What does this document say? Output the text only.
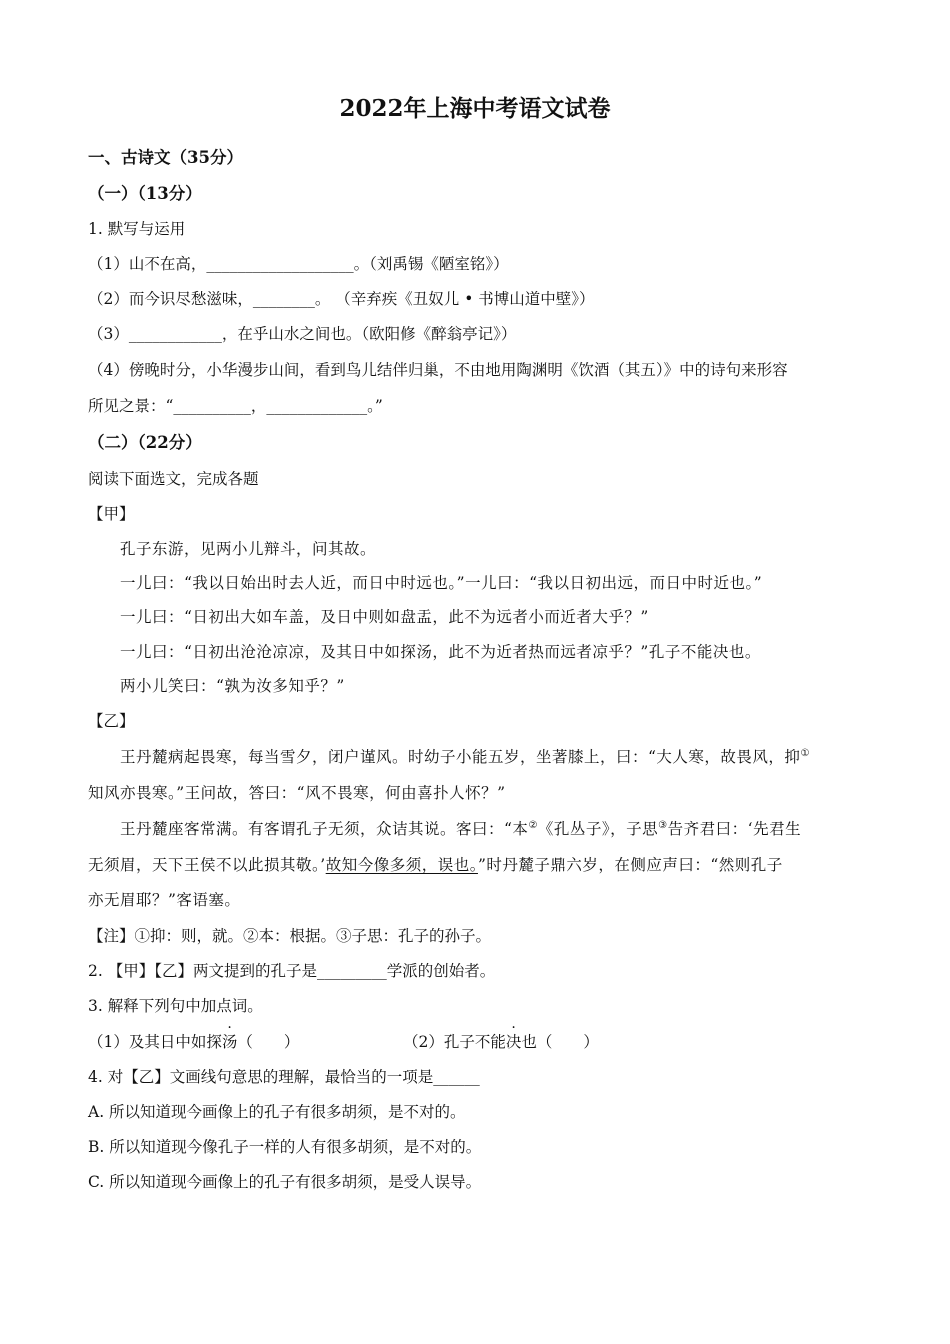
2022年上海中考语文试卷
一、古诗文（35分）
（一）（13分）
1. 默写与运用
（1）山不在高，___________________。（刘禹锡《陋室铭》）
（2）而今识尽愁滋味，________。 （辛弃疾《丑奴儿 • 书博山道中壁》）
（3）____________，在乎山水之间也。（欧阳修《醉翁亭记》）
（4）傍晚时分，小华漫步山间，看到鸟儿结伴归巢，不由地用陶渊明《饮酒（其五）》中的诗句来形容
所见之景：“__________，_____________。”
（二）（22分）
阅读下面选文，完成各题
【甲】
孔子东游，见两小儿辩斗，问其故。
一儿曰：“我以日始出时去人近，而日中时远也。”一儿曰：“我以日初出远，而日中时近也。”
一儿曰：“日初出大如车盖，及日中则如盘盂，此不为远者小而近者大乎？”
一儿曰：“日初出沧沧凉凉，及其日中如探汤，此不为近者热而远者凉乎？”孔子不能决也。
两小儿笑曰：“孰为汝多知乎？”
【乙】
王丹麓病起畏寒，每当雪夕，闭户谨风。时幼子小能五岁，坐著膝上，曰：“大人寒，故畏风，抑①
知风亦畏寒。”王问故，答曰：“风不畏寒，何由喜扑人怀？”
王丹麓座客常满。有客谓孔子无须，众诘其说。客曰：“本②《孔丛子》，子思③告齐君曰：‘先君生
无须眉，天下王侯不以此损其敬。’故知今像多须，误也。”时丹麓子鼎六岁，在侧应声曰：“然则孔子
亦无眉耶？”客语塞。
【注】①抑：则，就。②本：根据。③子思：孔子的孙子。
2. 【甲】【乙】两文提到的孔子是_________学派的创始者。
3. 解释下列句中加点词。
（1）及其日中如探汤（　　）	（2）孔子不能决也（　　）
4. 对【乙】文画线句意思的理解，最恰当的一项是______
A. 所以知道现今画像上的孔子有很多胡须，是不对的。
B. 所以知道现今像孔子一样的人有很多胡须，是不对的。
C. 所以知道现今画像上的孔子有很多胡须，是受人误导。
